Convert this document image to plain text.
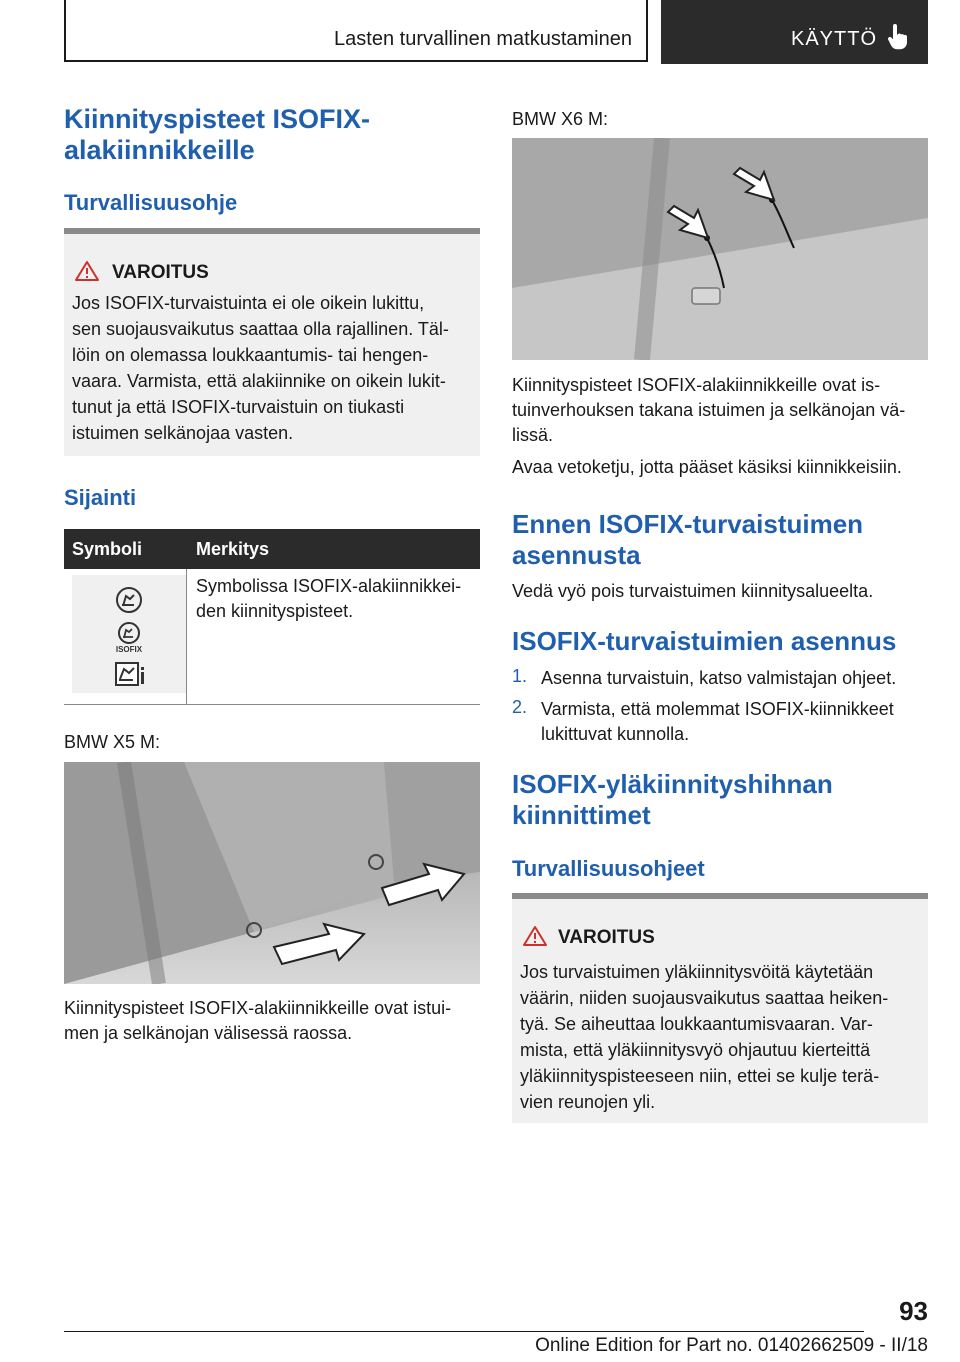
Lasten turvallinen matkustaminen	KÄYTTÖ
Kiinnityspisteet ISOFIX-
alakiinnikkeille
Turvallisuusohje
VAROITUS
Jos ISOFIX-turvaistuinta ei ole oikein lukittu,
sen suojausvaikutus saattaa olla rajallinen. Täl-
löin on olemassa loukkaantumis- tai hengen-
vaara. Varmista, että alakiinnike on oikein lukit-
tunut ja että ISOFIX-turvaistuin on tiukasti
istuimen selkänojaa vasten.
Sijainti
Symboli	Merkitys
ISOFIX
Symbolissa ISOFIX-alakiinnikkei-
den kiinnityspisteet.
BMW X5 M:
Kiinnityspisteet ISOFIX-alakiinnikkeille ovat istui-
men ja selkänojan välisessä raossa.
BMW X6 M:
Kiinnityspisteet ISOFIX-alakiinnikkeille ovat is-
tuinverhouksen takana istuimen ja selkänojan vä-
lissä.
Avaa vetoketju, jotta pääset käsiksi kiinnikkeisiin.
Ennen ISOFIX-turvaistuimen
asennusta
Vedä vyö pois turvaistuimen kiinnitysalueelta.
ISOFIX-turvaistuimien asennus
1. Asenna turvaistuin, katso valmistajan ohjeet.
2. Varmista, että molemmat ISOFIX-kiinnikkeet
lukittuvat kunnolla.
ISOFIX-yläkiinnityshihnan
kiinnittimet
Turvallisuusohjeet
VAROITUS
Jos turvaistuimen yläkiinnitysvöitä käytetään
väärin, niiden suojausvaikutus saattaa heiken-
tyä. Se aiheuttaa loukkaantumisvaaran. Var-
mista, että yläkiinnitysvyö ohjautuu kierteittä
yläkiinnityspisteeseen niin, ettei se kulje terä-
vien reunojen yli.
93
Online Edition for Part no. 01402662509 - II/18
